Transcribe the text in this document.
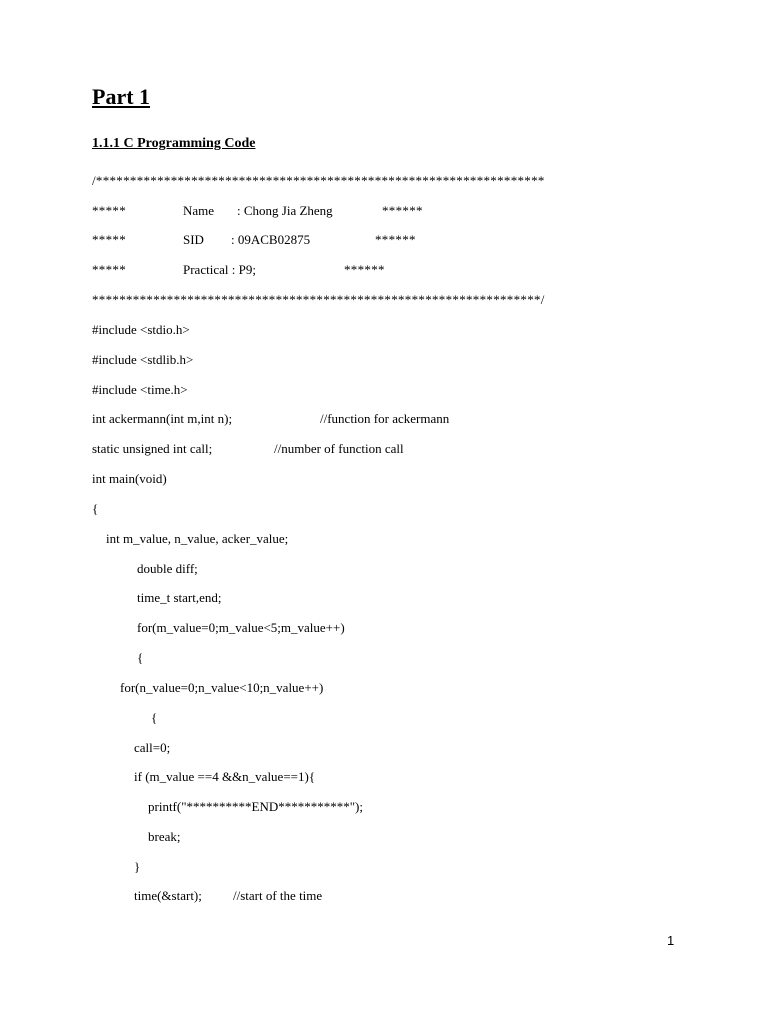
Part 1
1.1.1 C Programming Code
/******************************************************************
*****	Name : Chong Jia Zheng	******
*****	SID : 09ACB02875	******
*****	Practical : P9;	******
******************************************************************/
#include <stdio.h>
#include <stdlib.h>
#include <time.h>
int ackermann(int m,int n);	//function for ackermann
static unsigned int call;	//number of function call
int main(void)
{
int m_value, n_value, acker_value;
double diff;
time_t start,end;
for(m_value=0;m_value<5;m_value++)
{
for(n_value=0;n_value<10;n_value++)
{
call=0;
if (m_value ==4 &&n_value==1){
printf("**********END***********");
break;
}
time(&start); //start of the time
1
